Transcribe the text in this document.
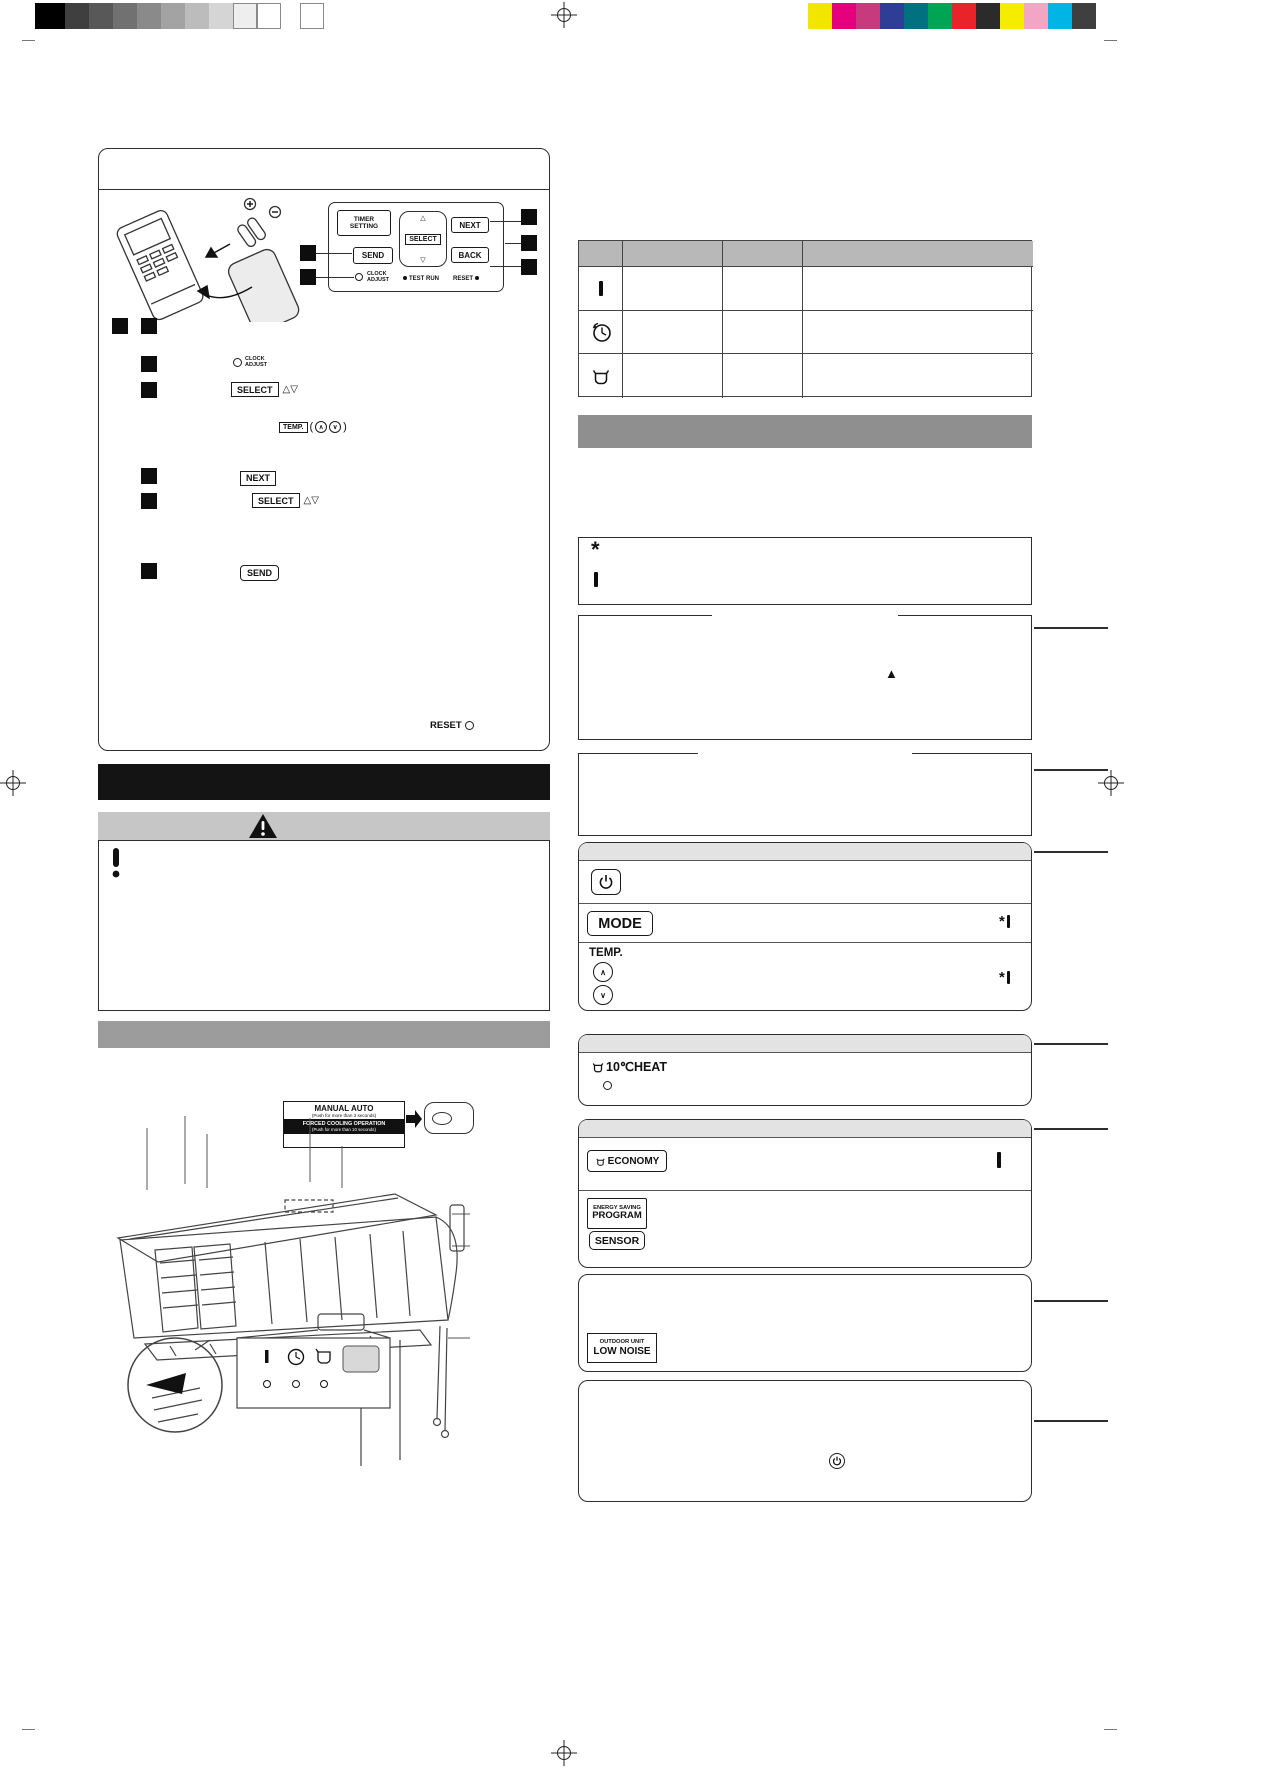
TIMER
SETTING
SEND
△
SELECT
▽
NEXT
BACK
CLOCK
ADJUST	TEST RUN RESET
CLOCK
ADJUST
SELECT	△▽
TEMP. ( ∧	∨ )
NEXT
SELECT	△▽
SEND
RESET
MANUAL AUTO
(Push for more than 3 seconds)
FORCED COOLING OPERATION
(Push for more than 10 seconds)
*
▲
MODE	*
TEMP.
∧
∨
*
10℃HEAT
ECONOMY
ENERGY SAVING
PROGRAM
SENSOR
OUTDOOR UNIT
LOW NOISE
